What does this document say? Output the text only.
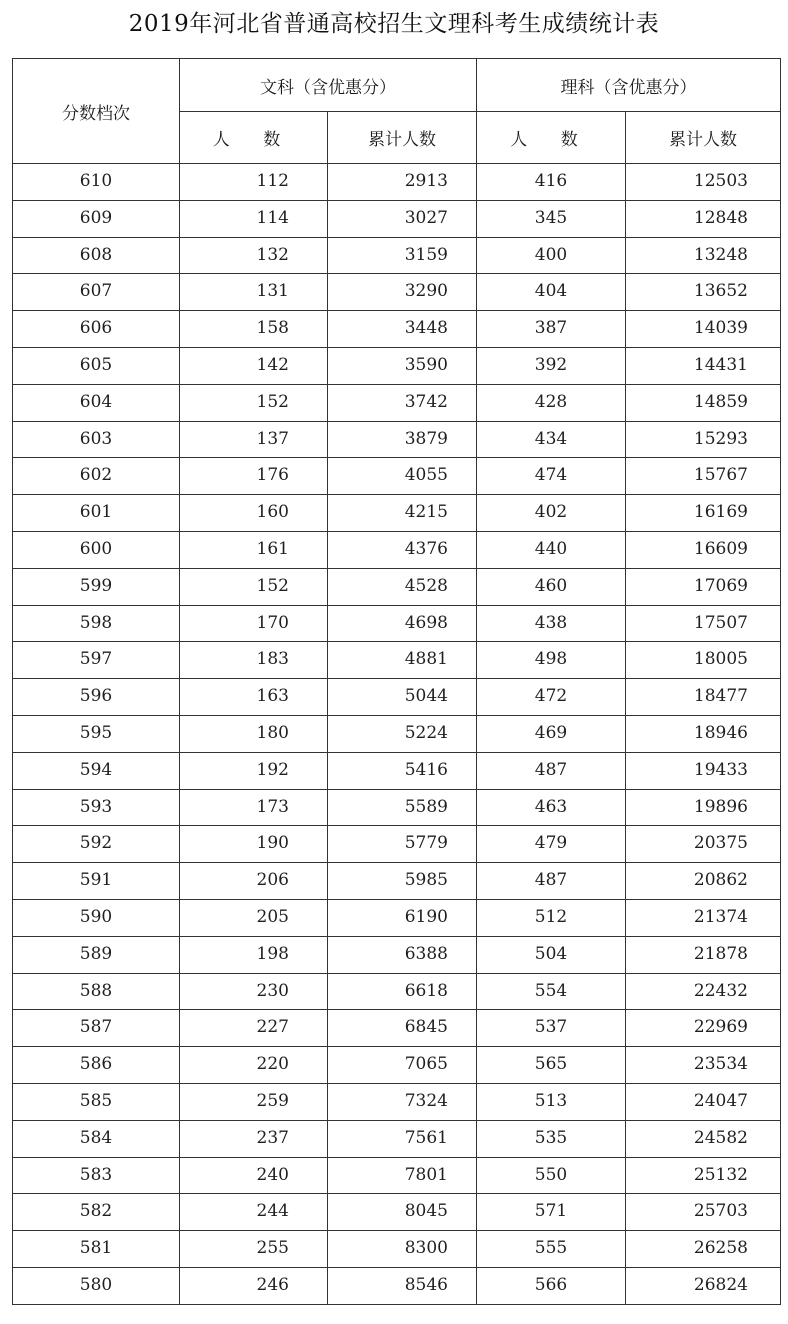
2019年河北省普通高校招生文理科考生成绩统计表
分数档次	文科（含优惠分）		理科（含优惠分）	
	人 数	累计人数	人 数	累计人数
610	112	2913	416	12503
609	114	3027	345	12848
608	132	3159	400	13248
607	131	3290	404	13652
606	158	3448	387	14039
605	142	3590	392	14431
604	152	3742	428	14859
603	137	3879	434	15293
602	176	4055	474	15767
601	160	4215	402	16169
600	161	4376	440	16609
599	152	4528	460	17069
598	170	4698	438	17507
597	183	4881	498	18005
596	163	5044	472	18477
595	180	5224	469	18946
594	192	5416	487	19433
593	173	5589	463	19896
592	190	5779	479	20375
591	206	5985	487	20862
590	205	6190	512	21374
589	198	6388	504	21878
588	230	6618	554	22432
587	227	6845	537	22969
586	220	7065	565	23534
585	259	7324	513	24047
584	237	7561	535	24582
583	240	7801	550	25132
582	244	8045	571	25703
581	255	8300	555	26258
580	246	8546	566	26824
